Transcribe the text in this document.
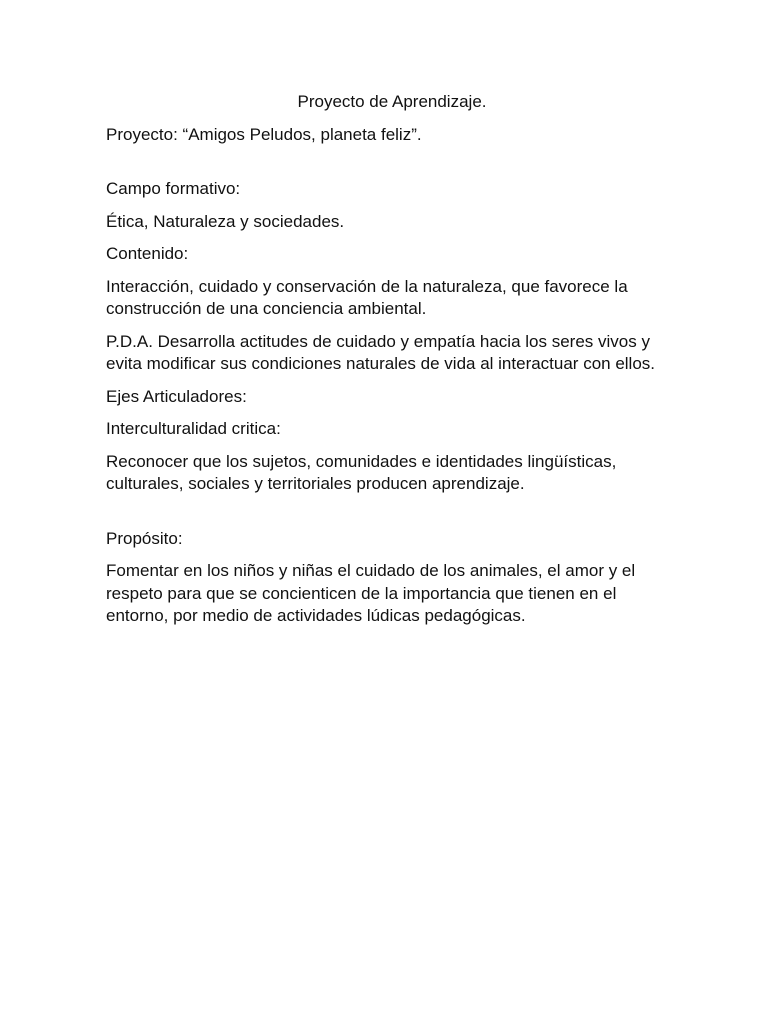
Proyecto de Aprendizaje.

Proyecto: “Amigos Peludos, planeta feliz”.

Campo formativo:

Ética, Naturaleza y sociedades.

Contenido:

Interacción, cuidado y conservación de la naturaleza, que favorece la construcción de una conciencia ambiental.

P.D.A. Desarrolla actitudes de cuidado y empatía hacia los seres vivos y evita modificar sus condiciones naturales de vida al interactuar con ellos.

Ejes Articuladores:

Interculturalidad critica:

Reconocer que los sujetos, comunidades e identidades lingüísticas, culturales, sociales y territoriales producen aprendizaje.

Propósito:

Fomentar en los niños y niñas el cuidado de los animales, el amor y el respeto para que se concienticen de la importancia que tienen en el entorno, por medio de actividades lúdicas pedagógicas.
